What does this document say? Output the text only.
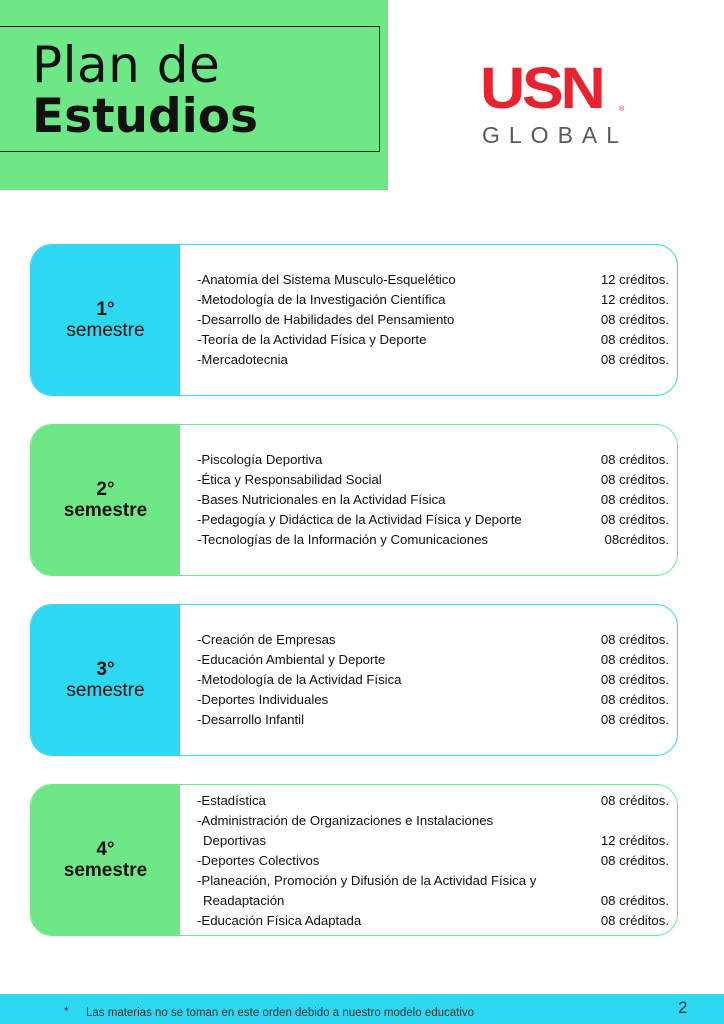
Plan de
Estudios	USN ®
GLOBAL
1°
semestre
-Anatomía del Sistema Musculo-Esquelético	12 créditos.
-Metodología de la Investigación Científica	12 créditos.
-Desarrollo de Habilidades del Pensamiento	08 créditos.
-Teoría de la Actividad Física y Deporte	08 créditos.
-Mercadotecnia	08 créditos.
2°
semestre
-Piscología Deportiva	08 créditos.
-Ética y Responsabilidad Social	08 créditos.
-Bases Nutricionales en la Actividad Física	08 créditos.
-Pedagogía y Didáctica de la Actividad Física y Deporte	08 créditos.
-Tecnologías de la Información y Comunicaciones	08créditos.
3°
semestre
-Creación de Empresas	08 créditos.
-Educación Ambiental y Deporte	08 créditos.
-Metodología de la Actividad Física	08 créditos.
-Deportes Individuales	08 créditos.
-Desarrollo Infantil	08 créditos.
4°
semestre
-Estadística	08 créditos.
-Administración de Organizaciones e Instalaciones
Deportivas	12 créditos.
-Deportes Colectivos	08 créditos.
-Planeación, Promoción y Difusión de la Actividad Física y
Readaptación	08 créditos.
-Educación Física Adaptada	08 créditos.
* Las materias no se toman en este orden debido a nuestro modelo educativo	2
